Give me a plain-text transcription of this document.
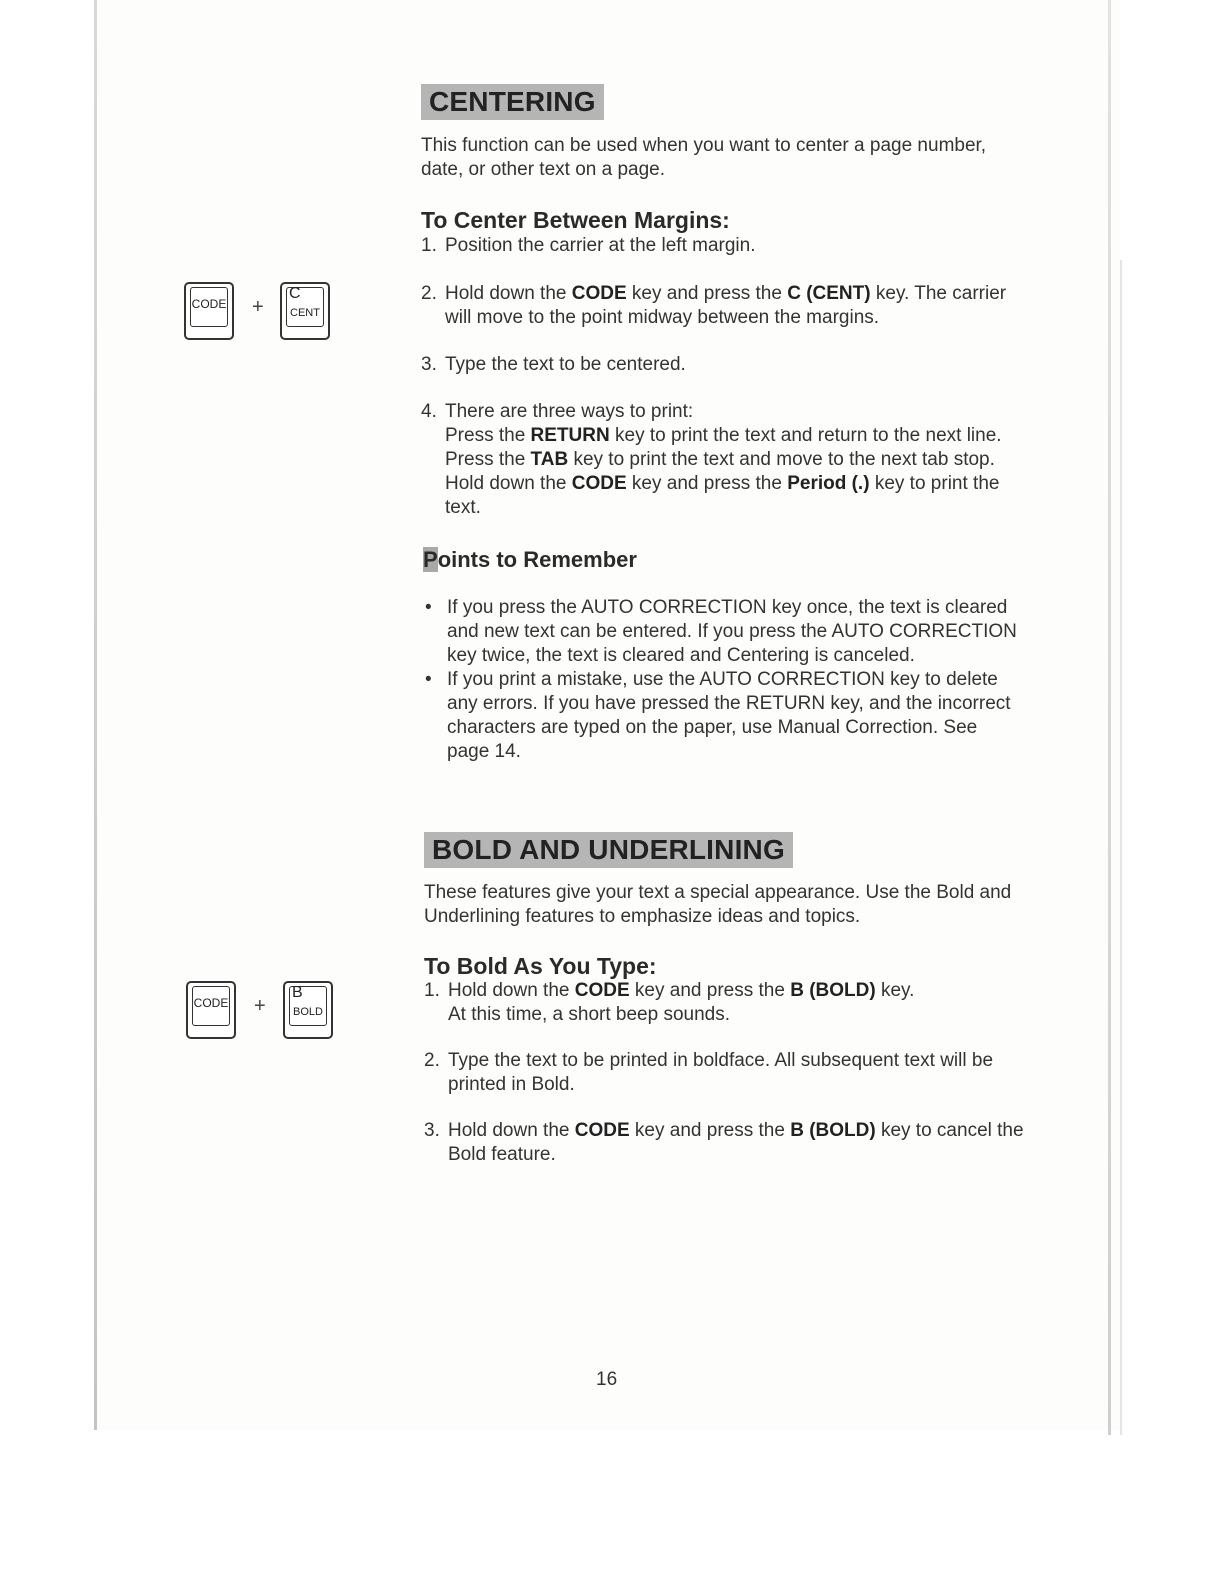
CENTERING
This function can be used when you want to center a page number, date, or other text on a page.
To Center Between Margins:
1. Position the carrier at the left margin.
CODE +
C
CENT
2. Hold down the CODE key and press the C (CENT) key. The carrier will move to the point midway between the margins.
3. Type the text to be centered.
4. There are three ways to print:
Press the RETURN key to print the text and return to the next line.
Press the TAB key to print the text and move to the next tab stop.
Hold down the CODE key and press the Period (.) key to print the text.
Points to Remember
• If you press the AUTO CORRECTION key once, the text is cleared and new text can be entered. If you press the AUTO CORRECTION key twice, the text is cleared and Centering is canceled.
• If you print a mistake, use the AUTO CORRECTION key to delete any errors. If you have pressed the RETURN key, and the incorrect characters are typed on the paper, use Manual Correction. See page 14.
BOLD AND UNDERLINING
These features give your text a special appearance. Use the Bold and Underlining features to emphasize ideas and topics.
To Bold As You Type:
CODE +
B
BOLD
1. Hold down the CODE key and press the B (BOLD) key.
At this time, a short beep sounds.
2. Type the text to be printed in boldface. All subsequent text will be printed in Bold.
3. Hold down the CODE key and press the B (BOLD) key to cancel the Bold feature.
16
